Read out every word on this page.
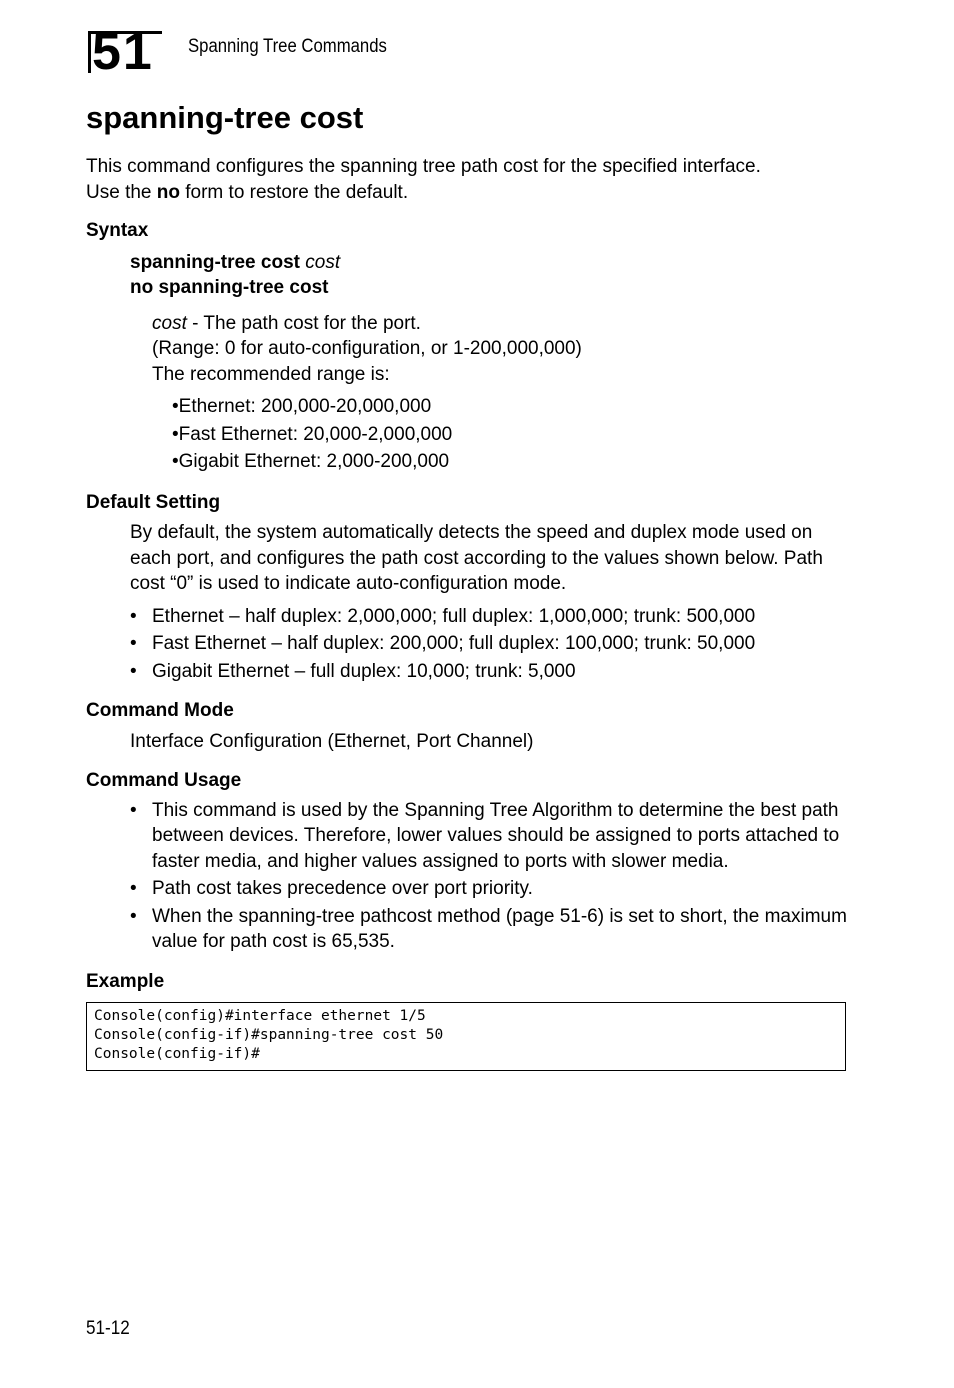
51 Spanning Tree Commands
spanning-tree cost

This command configures the spanning tree path cost for the specified interface.
Use the no form to restore the default.

Syntax
spanning-tree cost cost
no spanning-tree cost
cost - The path cost for the port.
(Range: 0 for auto-configuration, or 1-200,000,000)
The recommended range is:
• Ethernet: 200,000-20,000,000
• Fast Ethernet: 20,000-2,000,000
• Gigabit Ethernet: 2,000-200,000
Default Setting

By default, the system automatically detects the speed and duplex mode used on each port, and configures the path cost according to the values shown below. Path cost “0” is used to indicate auto-configuration mode.

• Ethernet – half duplex: 2,000,000; full duplex: 1,000,000; trunk: 500,000
• Fast Ethernet – half duplex: 200,000; full duplex: 100,000; trunk: 50,000
• Gigabit Ethernet – full duplex: 10,000; trunk: 5,000
Command Mode

Interface Configuration (Ethernet, Port Channel)

Command Usage
• This command is used by the Spanning Tree Algorithm to determine the best path between devices. Therefore, lower values should be assigned to ports attached to faster media, and higher values assigned to ports with slower media.
• Path cost takes precedence over port priority.
• When the spanning-tree pathcost method (page 51-6) is set to short, the maximum value for path cost is 65,535.
Example
Console(config)#interface ethernet 1/5
Console(config-if)#spanning-tree cost 50
Console(config-if)#
51-12
